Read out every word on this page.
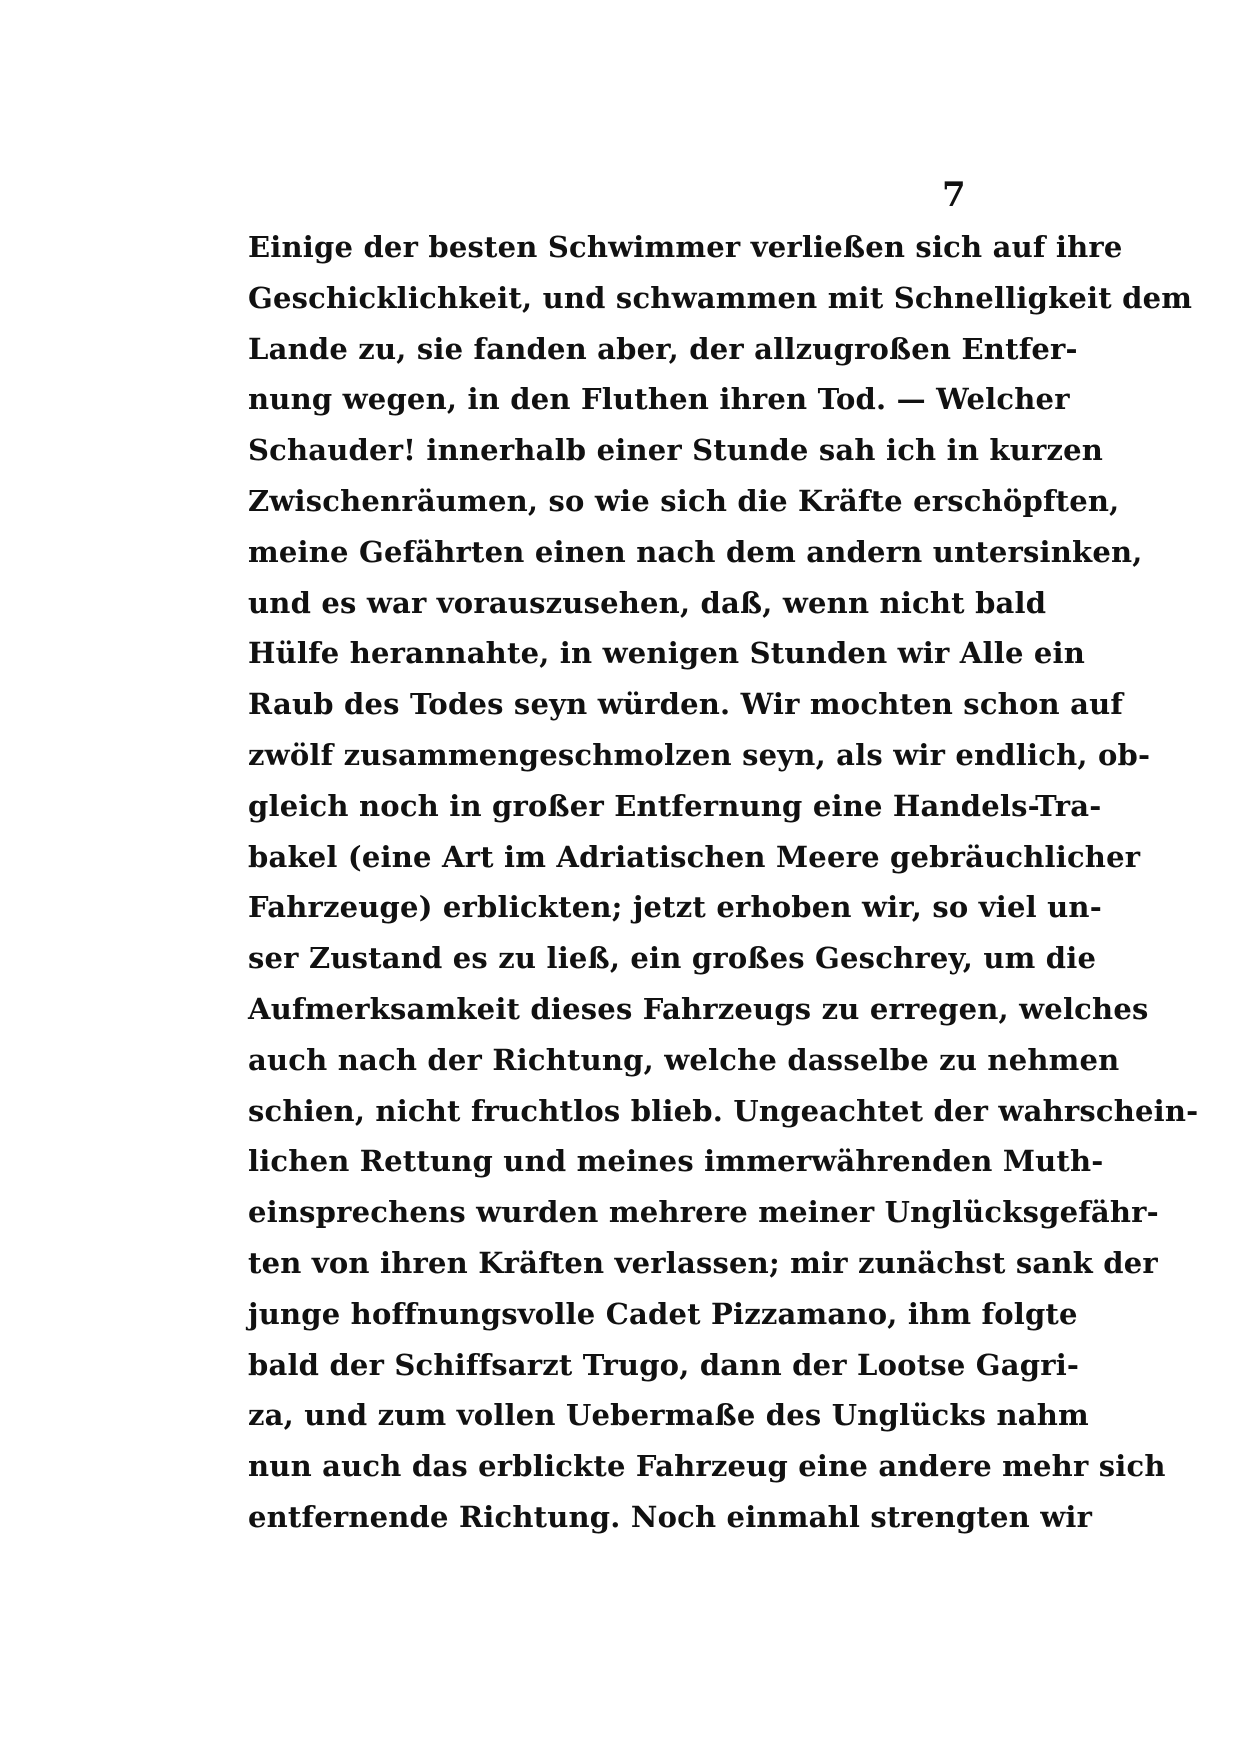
7
Einige der besten Schwimmer verließen sich auf ihre
Geschicklichkeit, und schwammen mit Schnelligkeit dem
Lande zu, sie fanden aber, der allzugroßen Entfer-
nung wegen, in den Fluthen ihren Tod. — Welcher
Schauder! innerhalb einer Stunde sah ich in kurzen
Zwischenräumen, so wie sich die Kräfte erschöpften,
meine Gefährten einen nach dem andern untersinken,
und es war vorauszusehen, daß, wenn nicht bald
Hülfe herannahte, in wenigen Stunden wir Alle ein
Raub des Todes seyn würden. Wir mochten schon auf
zwölf zusammengeschmolzen seyn, als wir endlich, ob-
gleich noch in großer Entfernung eine Handels-Tra-
bakel (eine Art im Adriatischen Meere gebräuchlicher
Fahrzeuge) erblickten; jetzt erhoben wir, so viel un-
ser Zustand es zu ließ, ein großes Geschrey, um die
Aufmerksamkeit dieses Fahrzeugs zu erregen, welches
auch nach der Richtung, welche dasselbe zu nehmen
schien, nicht fruchtlos blieb. Ungeachtet der wahrschein-
lichen Rettung und meines immerwährenden Muth-
einsprechens wurden mehrere meiner Unglücksgefähr-
ten von ihren Kräften verlassen; mir zunächst sank der
junge hoffnungsvolle Cadet Pizzamano, ihm folgte
bald der Schiffsarzt Trugo, dann der Lootse Gagri-
za, und zum vollen Uebermaße des Unglücks nahm
nun auch das erblickte Fahrzeug eine andere mehr sich
entfernende Richtung. Noch einmahl strengten wir
